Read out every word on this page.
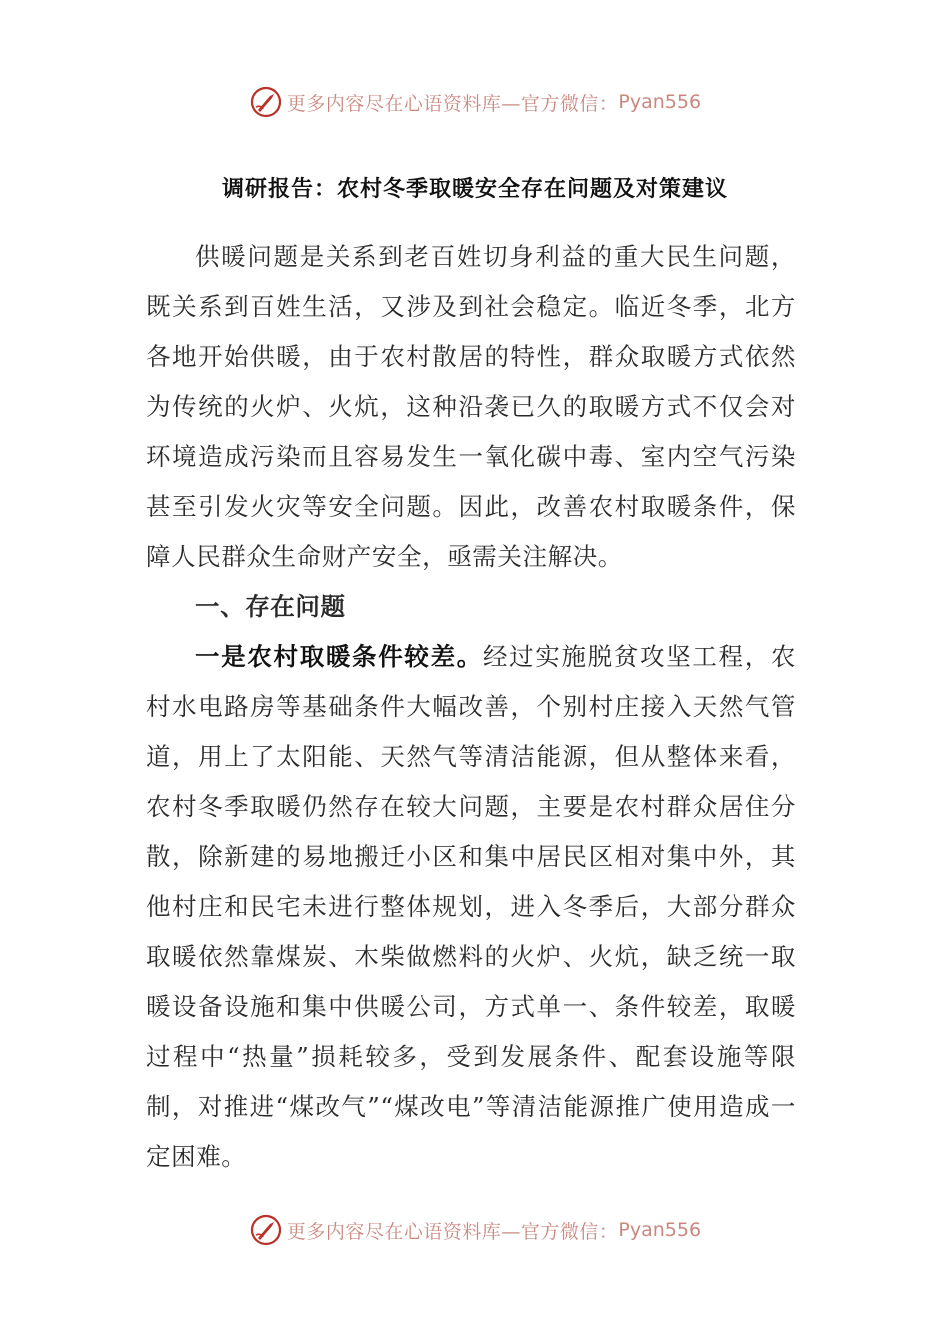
更多内容尽在心语资料库—官方微信： Pyan556
调研报告：农村冬季取暖安全存在问题及对策建议

供暖问题是关系到老百姓切身利益的重大民生问题，既关系到百姓生活，又涉及到社会稳定。临近冬季，北方各地开始供暖，由于农村散居的特性，群众取暖方式依然为传统的火炉、火炕，这种沿袭已久的取暖方式不仅会对环境造成污染而且容易发生一氧化碳中毒、室内空气污染甚至引发火灾等安全问题。因此，改善农村取暖条件，保障人民群众生命财产安全，亟需关注解决。

一、存在问题

一是农村取暖条件较差。经过实施脱贫攻坚工程，农村水电路房等基础条件大幅改善，个别村庄接入天然气管道，用上了太阳能、天然气等清洁能源，但从整体来看，农村冬季取暖仍然存在较大问题，主要是农村群众居住分散，除新建的易地搬迁小区和集中居民区相对集中外，其他村庄和民宅未进行整体规划，进入冬季后，大部分群众取暖依然靠煤炭、木柴做燃料的火炉、火炕，缺乏统一取暖设备设施和集中供暖公司，方式单一、条件较差，取暖过程中“热量”损耗较多，受到发展条件、配套设施等限制，对推进“煤改气”“煤改电”等清洁能源推广使用造成一定困难。

更多内容尽在心语资料库—官方微信： Pyan556
